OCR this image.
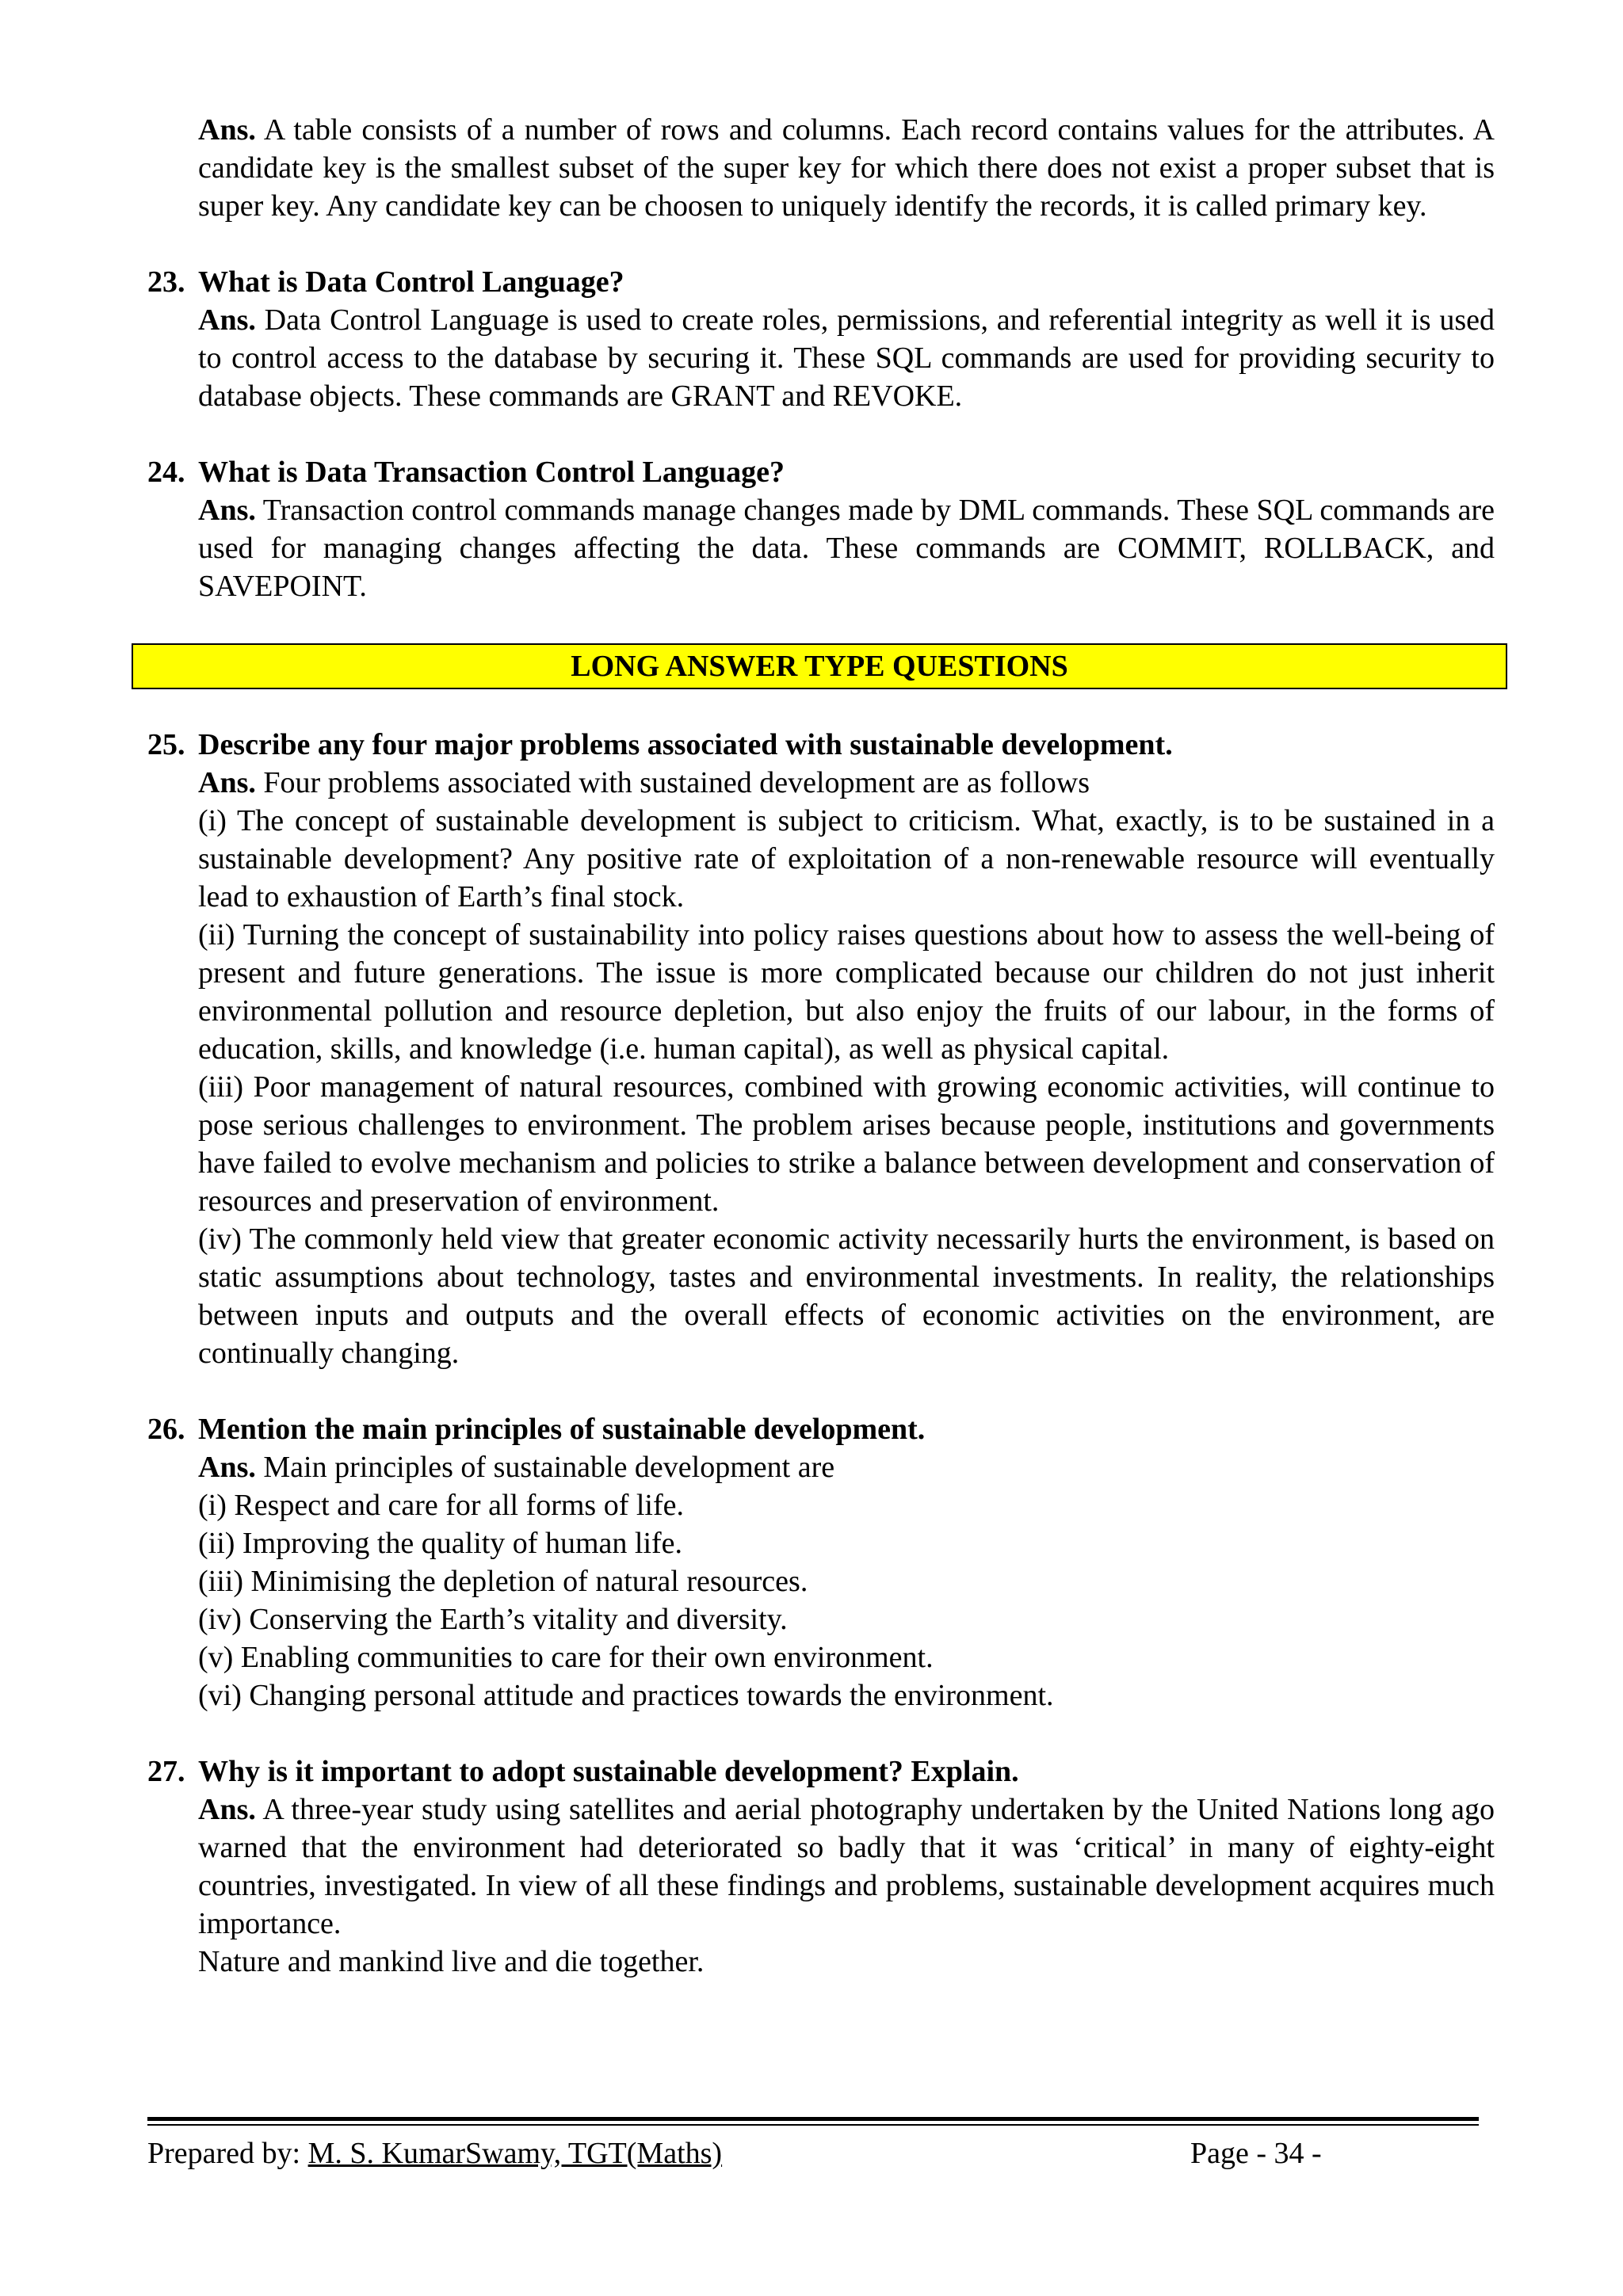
Ans. A table consists of a number of rows and columns. Each record contains values for the attributes. A candidate key is the smallest subset of the super key for which there does not exist a proper subset that is super key. Any candidate key can be choosen to uniquely identify the records, it is called primary key.

23. What is Data Control Language?

Ans. Data Control Language is used to create roles, permissions, and referential integrity as well it is used to control access to the database by securing it. These SQL commands are used for providing security to database objects. These commands are GRANT and REVOKE.

24. What is Data Transaction Control Language?

Ans. Transaction control commands manage changes made by DML commands. These SQL commands are used for managing changes affecting the data. These commands are COMMIT, ROLLBACK, and SAVEPOINT.

LONG ANSWER TYPE QUESTIONS
25. Describe any four major problems associated with sustainable development.

Ans. Four problems associated with sustained development are as follows

(i) The concept of sustainable development is subject to criticism. What, exactly, is to be sustained in a sustainable development? Any positive rate of exploitation of a non-renewable resource will eventually lead to exhaustion of Earth’s final stock.

(ii) Turning the concept of sustainability into policy raises questions about how to assess the well-being of present and future generations. The issue is more complicated because our children do not just inherit environmental pollution and resource depletion, but also enjoy the fruits of our labour, in the forms of education, skills, and knowledge (i.e. human capital), as well as physical capital.

(iii) Poor management of natural resources, combined with growing economic activities, will continue to pose serious challenges to environment. The problem arises because people, institutions and governments have failed to evolve mechanism and policies to strike a balance between development and conservation of resources and preservation of environment.

(iv) The commonly held view that greater economic activity necessarily hurts the environment, is based on static assumptions about technology, tastes and environmental investments. In reality, the relationships between inputs and outputs and the overall effects of economic activities on the environment, are continually changing.

26. Mention the main principles of sustainable development.

Ans. Main principles of sustainable development are

(i) Respect and care for all forms of life.

(ii) Improving the quality of human life.

(iii) Minimising the depletion of natural resources.

(iv) Conserving the Earth’s vitality and diversity.

(v) Enabling communities to care for their own environment.

(vi) Changing personal attitude and practices towards the environment.

27. Why is it important to adopt sustainable development? Explain.

Ans. A three-year study using satellites and aerial photography undertaken by the United Nations long ago warned that the environment had deteriorated so badly that it was ‘critical’ in many of eighty-eight countries, investigated. In view of all these findings and problems, sustainable development acquires much importance.

Nature and mankind live and die together.

Prepared by: M. S. KumarSwamy, TGT(Maths)	Page - 34 -
